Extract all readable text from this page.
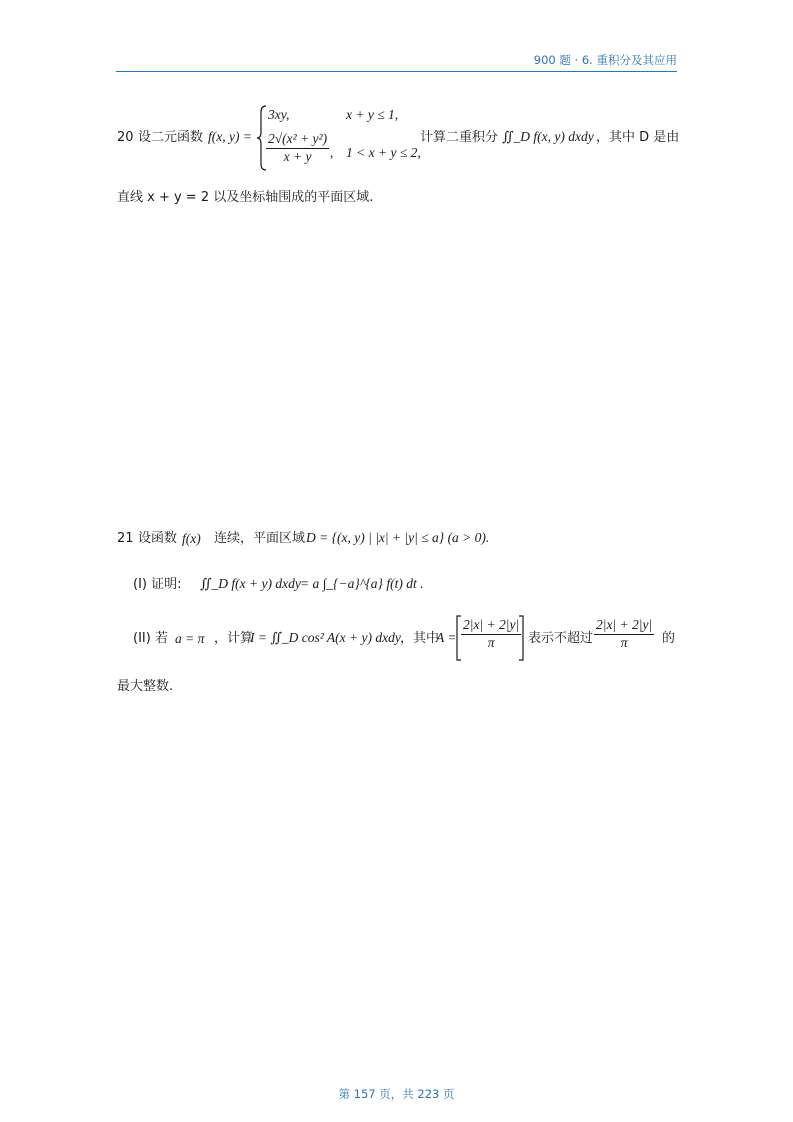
900 题 · 6. 重积分及其应用
20 设二元函数 f(x, y) =
3xy,	x + y ≤ 1,
$\frac{\text{2√(x² + y²)}}{x + y}$ , 1 < x + y ≤ 2,
计算二重积分 ∬_D f(x, y) dxdy ，其中 D 是由
直线 x + y = 2 以及坐标轴围成的平面区域.
21 设函数 f(x) 连续，平面区域 D = {(x, y) | |x| + |y| ≤ a} (a > 0).
(I) 证明: ∬_D f(x + y) dxdy = a ∫_{−a}^{a} f(t) dt .
(II) 若 a = π ，计算
I = ∬_D cos² A(x + y) dxdy ，其中
$A = \frac{2|x| + 2|y|}{\pi}$ 表示不超过 $\frac{2|x| + 2|y|}{\pi}$ 的
最大整数.
第 157 页，共 223 页
